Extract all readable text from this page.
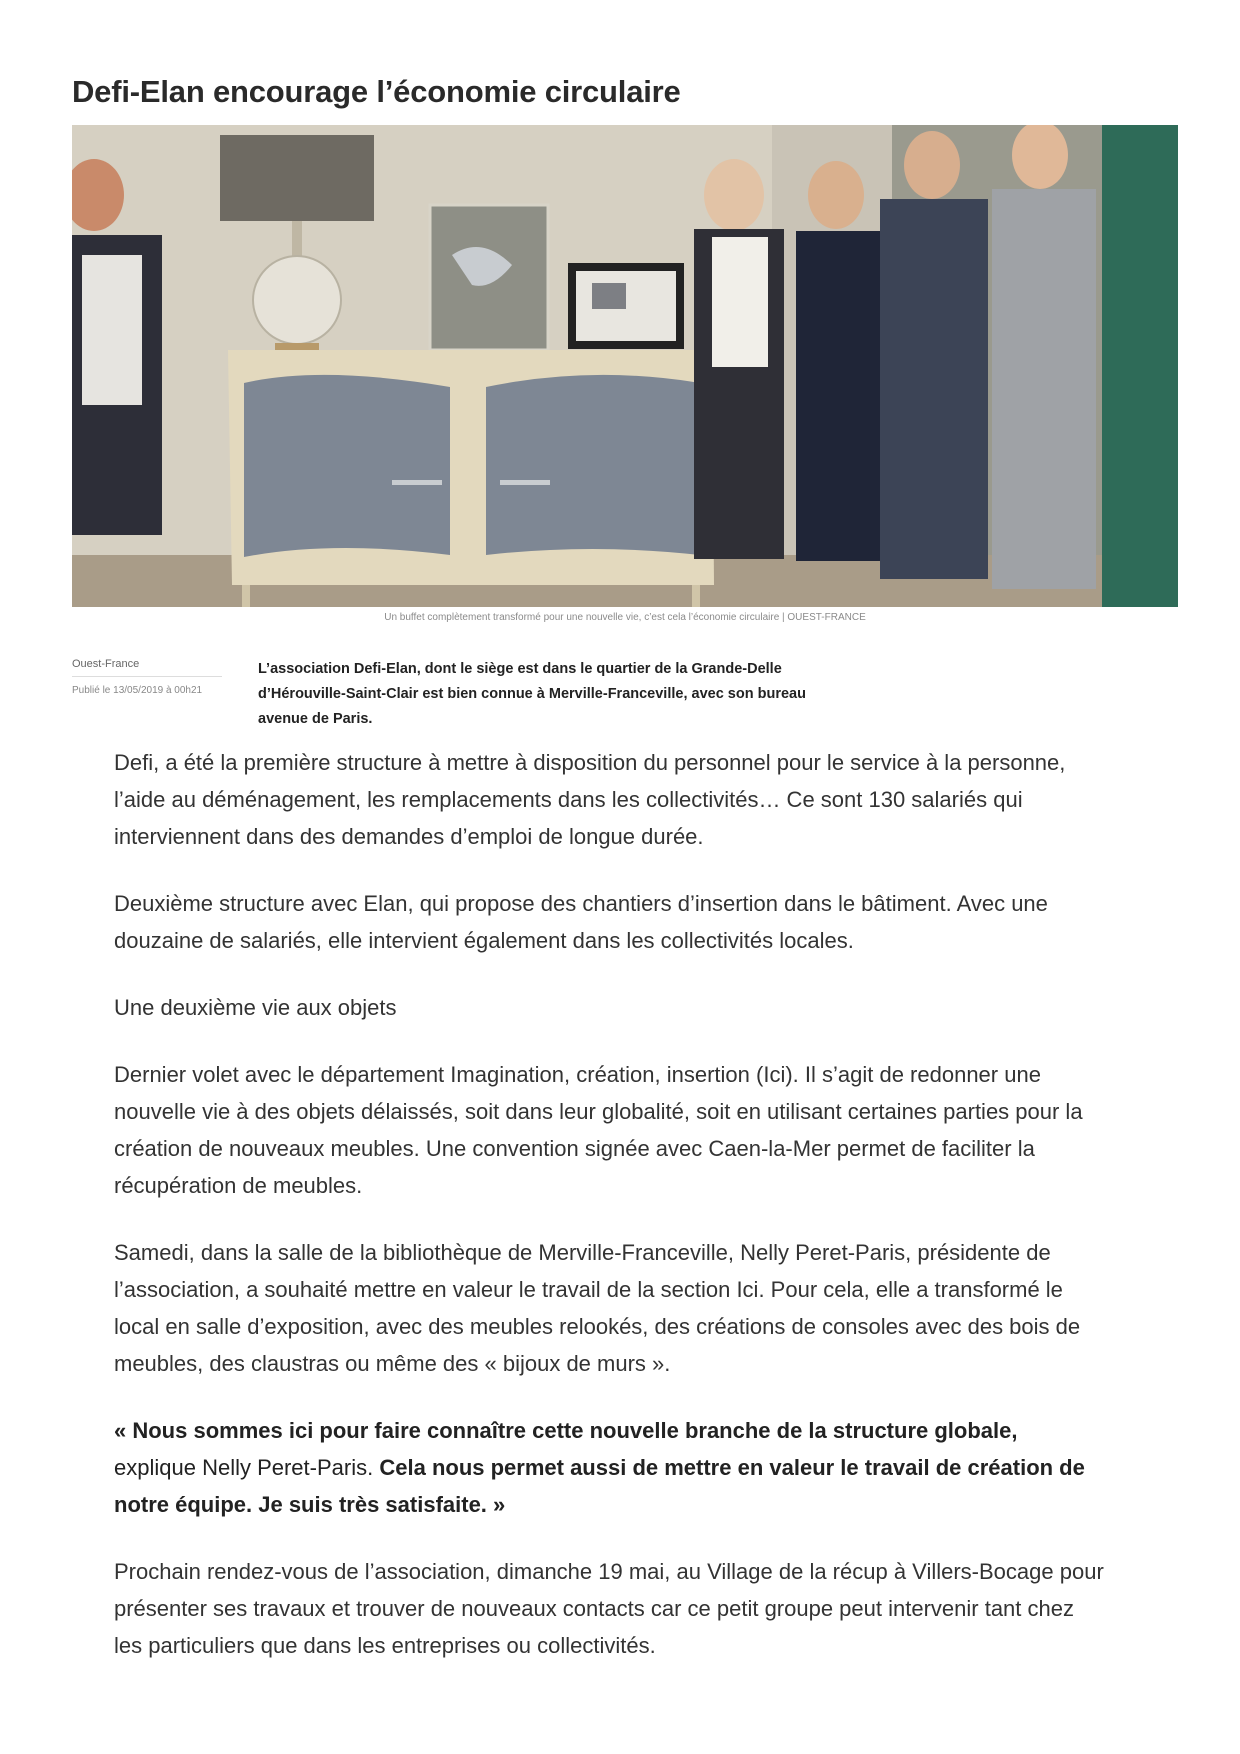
Defi-Elan encourage l’économie circulaire
Un buffet complètement transformé pour une nouvelle vie, c’est cela l’économie circulaire | OUEST-FRANCE
Ouest-France
Publié le 13/05/2019 à 00h21
L’association Defi-Elan, dont le siège est dans le quartier de la Grande-Delle d’Hérouville-Saint-Clair est bien connue à Merville-Franceville, avec son bureau avenue de Paris.

Defi, a été la première structure à mettre à disposition du personnel pour le service à la personne, l’aide au déménagement, les remplacements dans les collectivités… Ce sont 130 salariés qui interviennent dans des demandes d’emploi de longue durée.

Deuxième structure avec Elan, qui propose des chantiers d’insertion dans le bâtiment. Avec une douzaine de salariés, elle intervient également dans les collectivités locales.

Une deuxième vie aux objets

Dernier volet avec le département Imagination, création, insertion (Ici). Il s’agit de redonner une nouvelle vie à des objets délaissés, soit dans leur globalité, soit en utilisant certaines parties pour la création de nouveaux meubles. Une convention signée avec Caen-la-Mer permet de faciliter la récupération de meubles.

Samedi, dans la salle de la bibliothèque de Merville-Franceville, Nelly Peret-Paris, présidente de l’association, a souhaité mettre en valeur le travail de la section Ici. Pour cela, elle a transformé le local en salle d’exposition, avec des meubles relookés, des créations de consoles avec des bois de meubles, des claustras ou même des « bijoux de murs ».

« Nous sommes ici pour faire connaître cette nouvelle branche de la structure globale, explique Nelly Peret-Paris. Cela nous permet aussi de mettre en valeur le travail de création de notre équipe. Je suis très satisfaite. »

Prochain rendez-vous de l’association, dimanche 19 mai, au Village de la récup à Villers-Bocage pour présenter ses travaux et trouver de nouveaux contacts car ce petit groupe peut intervenir tant chez les particuliers que dans les entreprises ou collectivités.
